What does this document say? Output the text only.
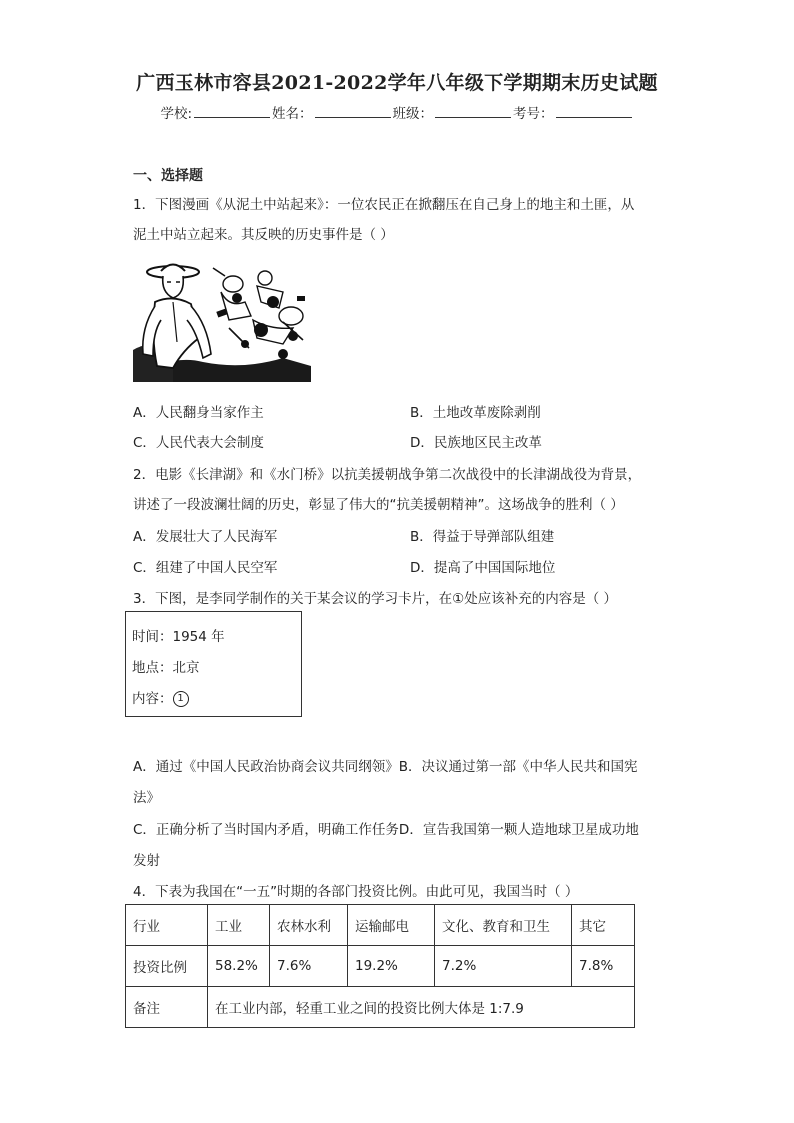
广西玉林市容县2021-2022学年八年级下学期期末历史试题
学校:	姓名：	班级：	考号：
一、选择题
1．下图漫画《从泥土中站起来》：一位农民正在掀翻压在自己身上的地主和土匪，从
泥土中站立起来。其反映的历史事件是（ ）
A．人民翻身当家作主	B．土地改革废除剥削
C．人民代表大会制度	D．民族地区民主改革
2．电影《长津湖》和《水门桥》以抗美援朝战争第二次战役中的长津湖战役为背景，
讲述了一段波澜壮阔的历史，彰显了伟大的“抗美援朝精神”。这场战争的胜利（ ）
A．发展壮大了人民海军	B．得益于导弹部队组建
C．组建了中国人民空军	D．提高了中国国际地位
3．下图，是李同学制作的关于某会议的学习卡片，在①处应该补充的内容是（ ）
时间：1954 年
地点：北京
内容： 1
A．通过《中国人民政治协商会议共同纲领》B．决议通过第一部《中华人民共和国宪
法》
C．正确分析了当时国内矛盾，明确工作任务D．宣告我国第一颗人造地球卫星成功地
发射
4．下表为我国在“一五”时期的各部门投资比例。由此可见，我国当时（ ）
行业	工业	农林水利	运输邮电	文化、教育和卫生	其它
投资比例	58.2%	7.6%	19.2%	7.2%	7.8%
备注	在工业内部，轻重工业之间的投资比例大体是 1:7.9				
